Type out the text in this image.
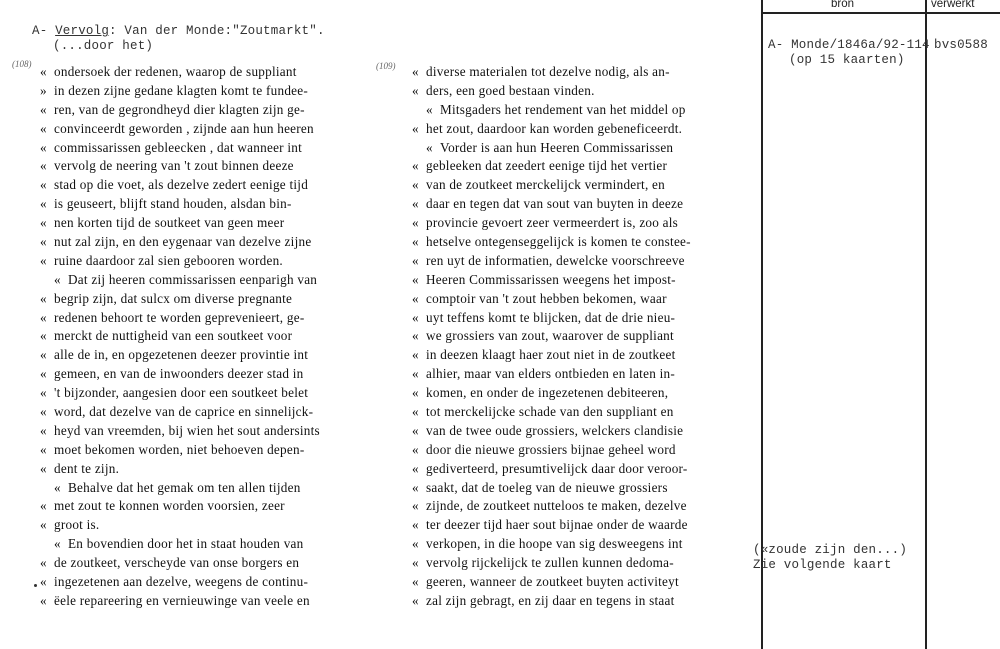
A- Vervolg: Van der Monde:"Zoutmarkt".
(...door het)
(108)	(109)
« ondersoek der redenen, waarop de suppliant
» in dezen zijne gedane klagten komt te fundee-
« ren, van de gegrondheyd dier klagten zijn ge-
« convinceerdt geworden , zijnde aan hun heeren
« commissarissen gebleecken , dat wanneer int
« vervolg de neering van 't zout binnen deeze
« stad op die voet, als dezelve zedert eenige tijd
« is geuseert, blijft stand houden, alsdan bin-
« nen korten tijd de soutkeet van geen meer
« nut zal zijn, en den eygenaar van dezelve zijne
« ruine daardoor zal sien gebooren worden.
« Dat zij heeren commissarissen eenparigh van
« begrip zijn, dat sulcx om diverse pregnante
« redenen behoort te worden geprevenieert, ge-
« merckt de nuttigheid van een soutkeet voor
« alle de in, en opgezetenen deezer provintie int
« gemeen, en van de inwoonders deezer stad in
« 't bijzonder, aangesien door een soutkeet belet
« word, dat dezelve van de caprice en sinnelijck-
« heyd van vreemden, bij wien het sout andersints
« moet bekomen worden, niet behoeven depen-
« dent te zijn.
« Behalve dat het gemak om ten allen tijden
« met zout te konnen worden voorsien, zeer
« groot is.
« En bovendien door het in staat houden van
« de zoutkeet, verscheyde van onse borgers en
« ingezetenen aan dezelve, weegens de continu-
« ëele repareering en vernieuwinge van veele en
« diverse materialen tot dezelve nodig, als an-
« ders, een goed bestaan vinden.
« Mitsgaders het rendement van het middel op
« het zout, daardoor kan worden gebeneficeerdt.
« Vorder is aan hun Heeren Commissarissen
« gebleeken dat zeedert eenige tijd het vertier
« van de zoutkeet merckelijck vermindert, en
« daar en tegen dat van sout van buyten in deeze
« provincie gevoert zeer vermeerdert is, zoo als
« hetselve ontegenseggelijck is komen te constee-
« ren uyt de informatien, dewelcke voorschreeve
« Heeren Commissarissen weegens het impost-
« comptoir van 't zout hebben bekomen, waar
« uyt teffens komt te blijcken, dat de drie nieu-
« we grossiers van zout, waarover de suppliant
« in deezen klaagt haer zout niet in de zoutkeet
« alhier, maar van elders ontbieden en laten in-
« komen, en onder de ingezetenen debiteeren,
« tot merckelijcke schade van den suppliant en
« van de twee oude grossiers, welckers clandisie
« door die nieuwe grossiers bijnae geheel word
« gediverteerd, presumtivelijck daar door veroor-
« saakt, dat de toeleg van de nieuwe grossiers
« zijnde, de zoutkeet nutteloos te maken, dezelve
« ter deezer tijd haer sout bijnae onder de waarde
« verkopen, in die hoope van sig desweegens int
« vervolg rijckelijck te zullen kunnen dedoma-
« geeren, wanneer de zoutkeet buyten activiteyt
« zal zijn gebragt, en zij daar en tegens in staat
bron	verwerkt
A- Monde/1846a/92-114
(op 15 kaarten)
bvs0588
(«zoude zijn den...)
Zie volgende kaart
